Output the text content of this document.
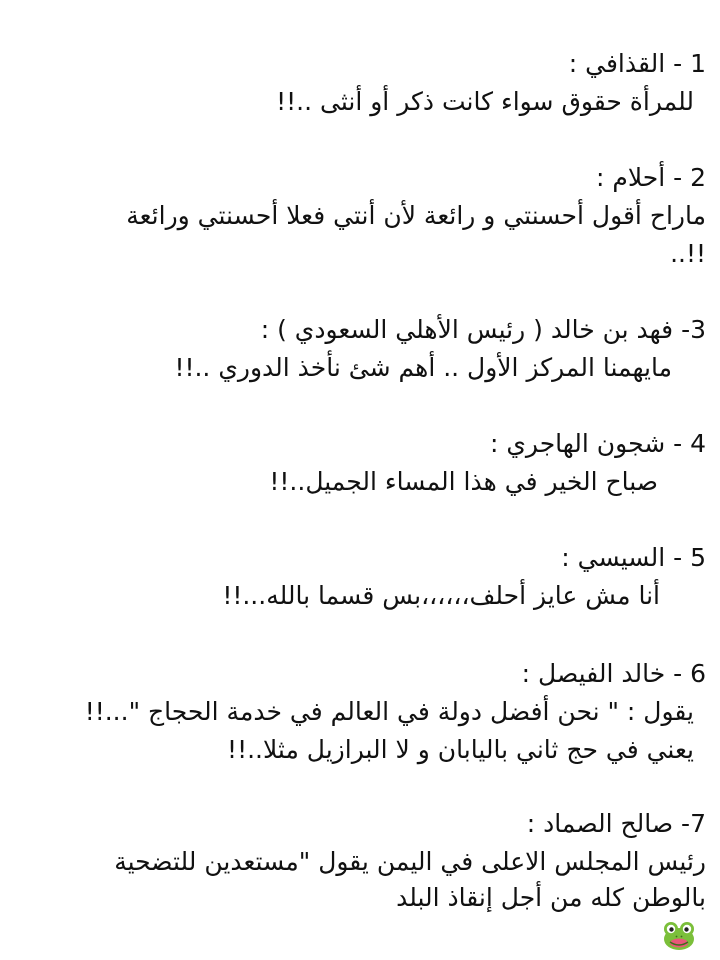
1 - القذافي :
للمرأة حقوق سواء كانت ذكر أو أنثى ..!!
2 - أحلام :
ماراح أقول أحسنتي و رائعة لأن أنتي فعلا أحسنتي ورائعة
..!!
3- فهد بن خالد ( رئيس الأهلي السعودي ) :
مايهمنا المركز الأول .. أهم شئ نأخذ الدوري ..!!
4 - شجون الهاجري :
صباح الخير في هذا المساء الجميل..!!
5 - السيسي :
أنا مش عايز أحلف،،،،،،بس قسما بالله...!!
6 - خالد الفيصل :
يقول : " نحن أفضل دولة في العالم في خدمة الحجاج "...!!
يعني في حج ثاني باليابان و لا البرازيل مثلا..!!
7- صالح الصماد :
رئيس المجلس الاعلى في اليمن يقول "مستعدين للتضحية
بالوطن كله من أجل إنقاذ البلد
